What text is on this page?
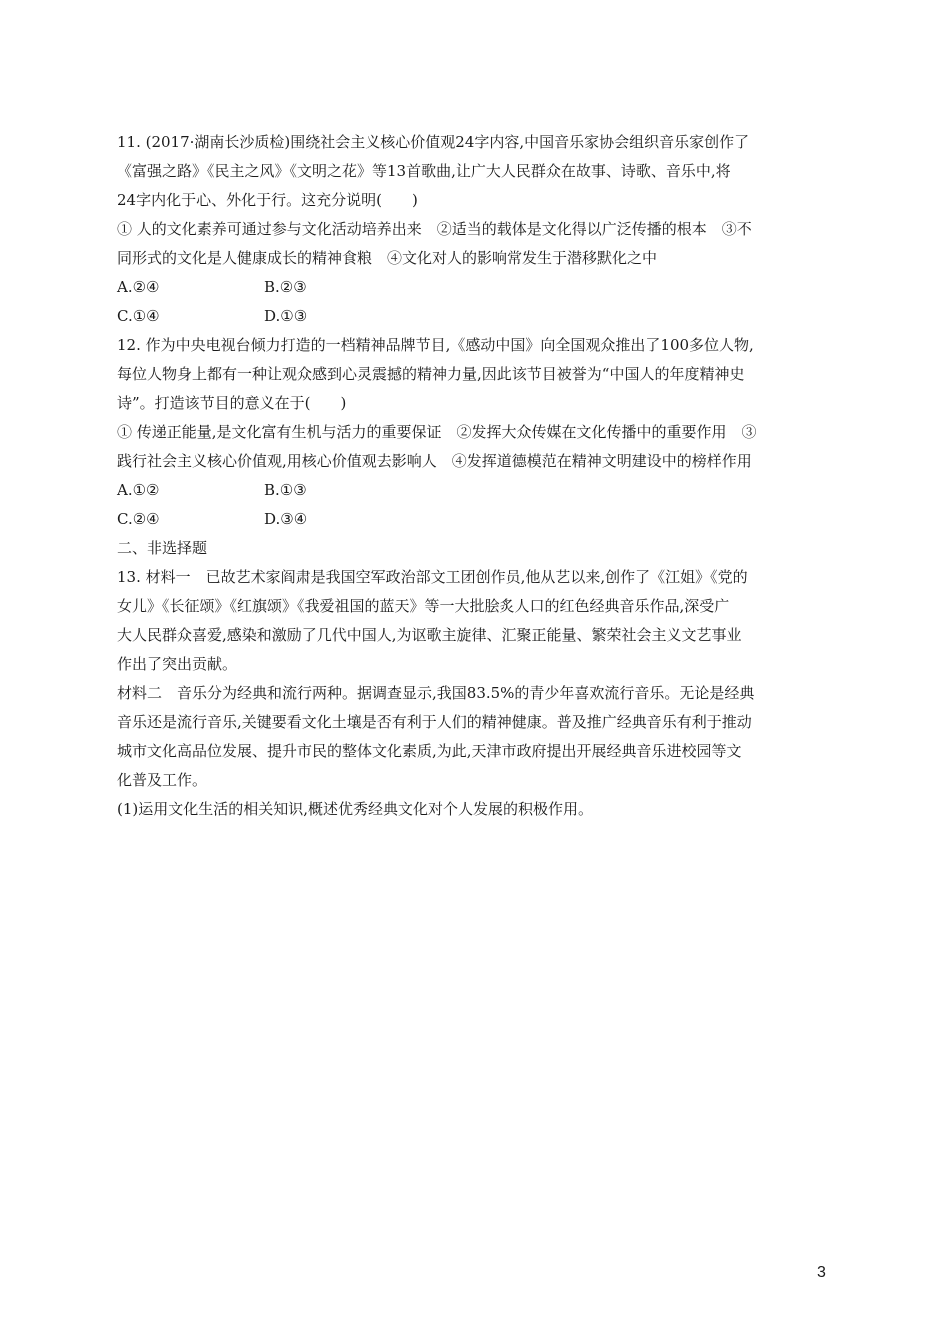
11. (2017·湖南长沙质检)围绕社会主义核心价值观24字内容,中国音乐家协会组织音乐家创作了
《富强之路》《民主之风》《文明之花》等13首歌曲,让广大人民群众在故事、诗歌、音乐中,将
24字内化于心、外化于行。这充分说明(　　)
① 人的文化素养可通过参与文化活动培养出来　②适当的载体是文化得以广泛传播的根本　③不
同形式的文化是人健康成长的精神食粮　④文化对人的影响常发生于潜移默化之中
A.②④	B.②③
C.①④	D.①③
12. 作为中央电视台倾力打造的一档精神品牌节目,《感动中国》向全国观众推出了100多位人物,
每位人物身上都有一种让观众感到心灵震撼的精神力量,因此该节目被誉为“中国人的年度精神史
诗”。打造该节目的意义在于(　　)
① 传递正能量,是文化富有生机与活力的重要保证　②发挥大众传媒在文化传播中的重要作用　③
践行社会主义核心价值观,用核心价值观去影响人　④发挥道德模范在精神文明建设中的榜样作用
A.①②	B.①③
C.②④	D.③④
二、非选择题
13. 材料一　已故艺术家阎肃是我国空军政治部文工团创作员,他从艺以来,创作了《江姐》《党的
女儿》《长征颂》《红旗颂》《我爱祖国的蓝天》等一大批脍炙人口的红色经典音乐作品,深受广
大人民群众喜爱,感染和激励了几代中国人,为讴歌主旋律、汇聚正能量、繁荣社会主义文艺事业
作出了突出贡献。
材料二　音乐分为经典和流行两种。据调查显示,我国83.5%的青少年喜欢流行音乐。无论是经典
音乐还是流行音乐,关键要看文化土壤是否有利于人们的精神健康。普及推广经典音乐有利于推动
城市文化高品位发展、提升市民的整体文化素质,为此,天津市政府提出开展经典音乐进校园等文
化普及工作。
(1)运用文化生活的相关知识,概述优秀经典文化对个人发展的积极作用。
3
